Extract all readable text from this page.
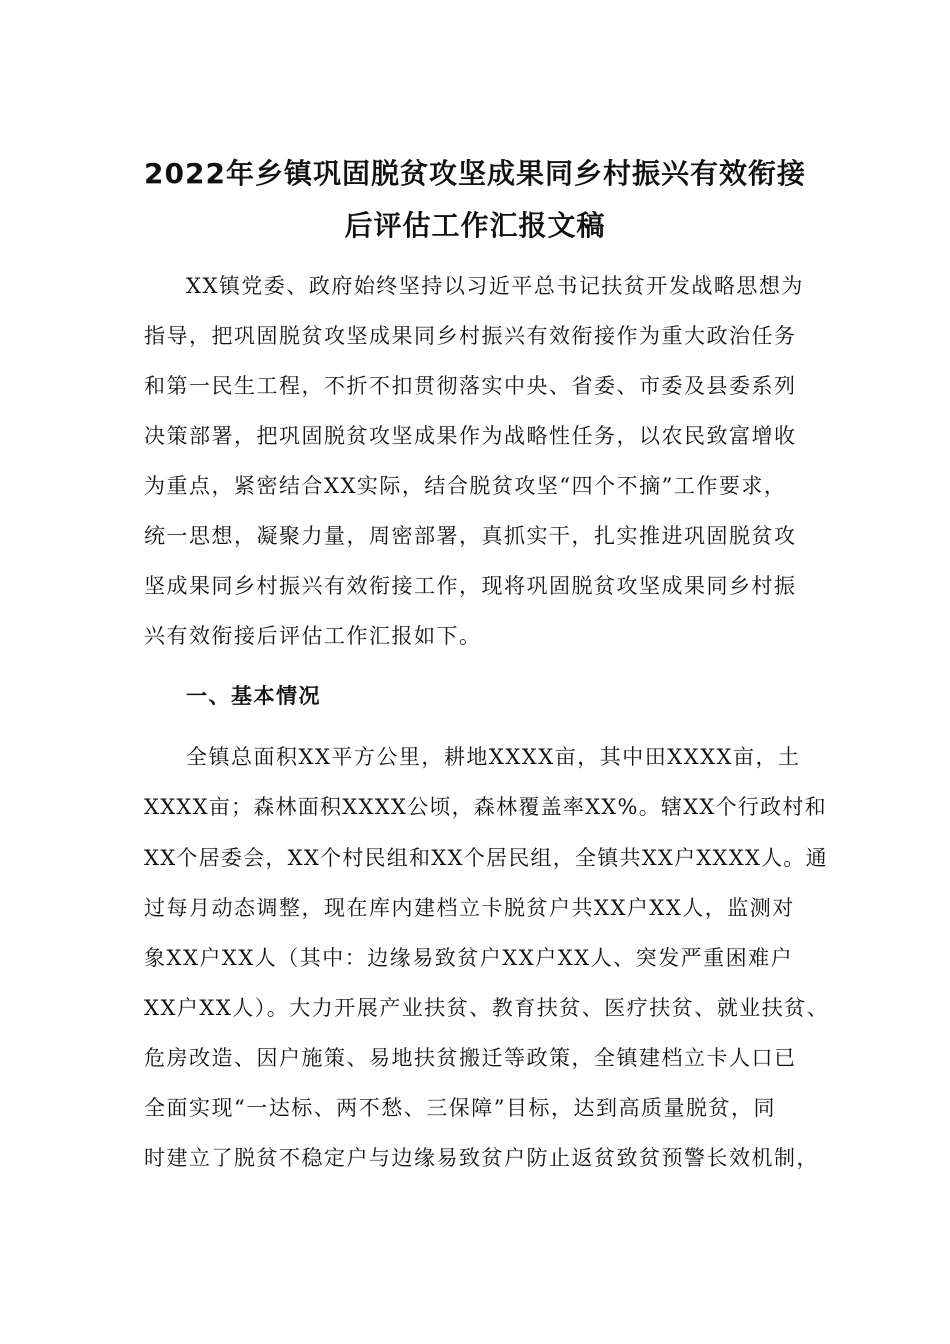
2022年乡镇巩固脱贫攻坚成果同乡村振兴有效衔接
后评估工作汇报文稿
XX镇党委、政府始终坚持以习近平总书记扶贫开发战略思想为
指导，把巩固脱贫攻坚成果同乡村振兴有效衔接作为重大政治任务
和第一民生工程，不折不扣贯彻落实中央、省委、市委及县委系列
决策部署，把巩固脱贫攻坚成果作为战略性任务，以农民致富增收
为重点，紧密结合XX实际，结合脱贫攻坚“四个不摘”工作要求，
统一思想，凝聚力量，周密部署，真抓实干，扎实推进巩固脱贫攻
坚成果同乡村振兴有效衔接工作，现将巩固脱贫攻坚成果同乡村振
兴有效衔接后评估工作汇报如下。
一、基本情况
全镇总面积XX平方公里，耕地XXXX亩，其中田XXXX亩，土
XXXX亩；森林面积XXXX公顷，森林覆盖率XX%。辖XX个行政村和
XX个居委会，XX个村民组和XX个居民组，全镇共XX户XXXX人。通
过每月动态调整，现在库内建档立卡脱贫户共XX户XX人，监测对
象XX户XX人（其中：边缘易致贫户XX户XX人、突发严重困难户
XX户XX人）。大力开展产业扶贫、教育扶贫、医疗扶贫、就业扶贫、
危房改造、因户施策、易地扶贫搬迁等政策，全镇建档立卡人口已
全面实现“一达标、两不愁、三保障”目标，达到高质量脱贫，同
时建立了脱贫不稳定户与边缘易致贫户防止返贫致贫预警长效机制，
